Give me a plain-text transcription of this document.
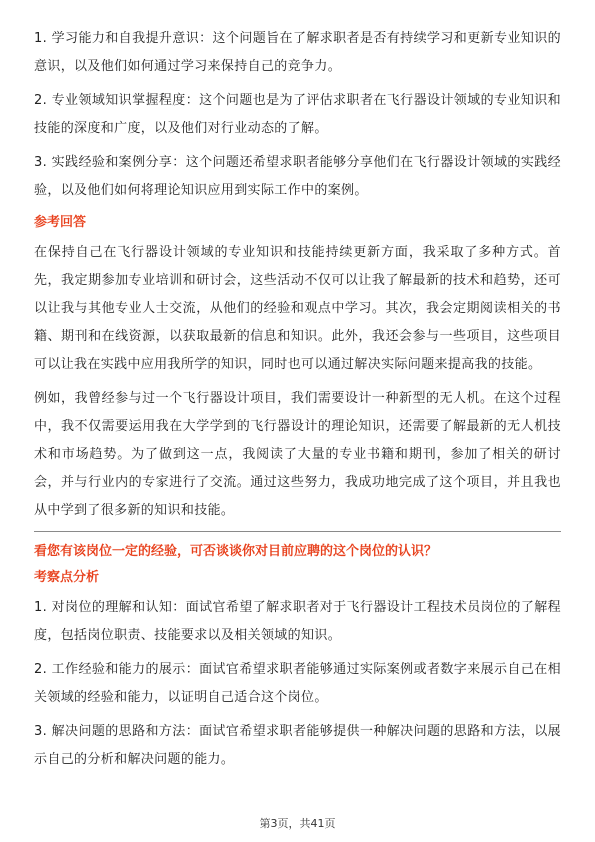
1. 学习能力和自我提升意识：这个问题旨在了解求职者是否有持续学习和更新专业知识的意识，以及他们如何通过学习来保持自己的竞争力。

2. 专业领域知识掌握程度：这个问题也是为了评估求职者在飞行器设计领域的专业知识和技能的深度和广度，以及他们对行业动态的了解。

3. 实践经验和案例分享：这个问题还希望求职者能够分享他们在飞行器设计领域的实践经验，以及他们如何将理论知识应用到实际工作中的案例。

参考回答

在保持自己在飞行器设计领域的专业知识和技能持续更新方面，我采取了多种方式。首先，我定期参加专业培训和研讨会，这些活动不仅可以让我了解最新的技术和趋势，还可以让我与其他专业人士交流，从他们的经验和观点中学习。其次，我会定期阅读相关的书籍、期刊和在线资源，以获取最新的信息和知识。此外，我还会参与一些项目，这些项目可以让我在实践中应用我所学的知识，同时也可以通过解决实际问题来提高我的技能。

例如，我曾经参与过一个飞行器设计项目，我们需要设计一种新型的无人机。在这个过程中，我不仅需要运用我在大学学到的飞行器设计的理论知识，还需要了解最新的无人机技术和市场趋势。为了做到这一点，我阅读了大量的专业书籍和期刊，参加了相关的研讨会，并与行业内的专家进行了交流。通过这些努力，我成功地完成了这个项目，并且我也从中学到了很多新的知识和技能。

看您有该岗位一定的经验，可否谈谈你对目前应聘的这个岗位的认识？
考察点分析

1. 对岗位的理解和认知：面试官希望了解求职者对于飞行器设计工程技术员岗位的了解程度，包括岗位职责、技能要求以及相关领域的知识。

2. 工作经验和能力的展示：面试官希望求职者能够通过实际案例或者数字来展示自己在相关领域的经验和能力，以证明自己适合这个岗位。

3. 解决问题的思路和方法：面试官希望求职者能够提供一种解决问题的思路和方法，以展示自己的分析和解决问题的能力。

第3页，共41页
